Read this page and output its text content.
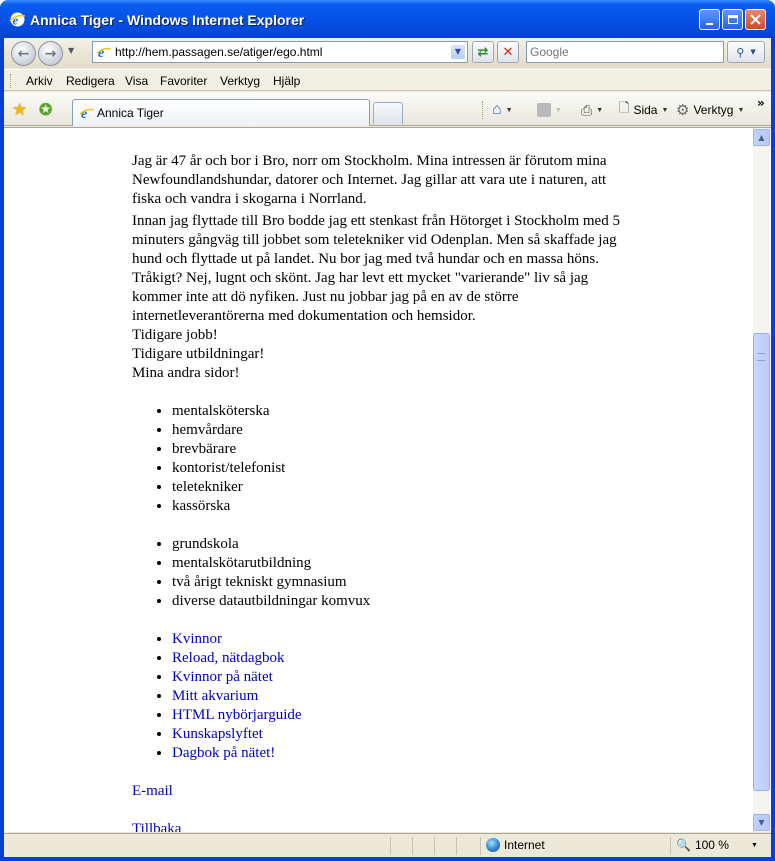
e Annica Tiger - Windows Internet Explorer
← → ▼ e http://hem.passagen.se/atiger/ego.html	▼	⇄ ✕
Google	⚲ ▼
Arkiv Redigera Visa Favoriter Verktyg Hjälp
★ ✪ e Annica Tiger	⌂ ▼	▼ ⎙ ▼ 🗋 Sida ▼ ⚙ Verktyg ▼ »

Jag är 47 år och bor i Bro, norr om Stockholm. Mina intressen är förutom mina
Newfoundlandshundar, datorer och Internet. Jag gillar att vara ute i naturen, att
fiska och vandra i skogarna i Norrland.

Innan jag flyttade till Bro bodde jag ett stenkast från Hötorget i Stockholm med 5
minuters gångväg till jobbet som teletekniker vid Odenplan. Men så skaffade jag
hund och flyttade ut på landet. Nu bor jag med två hundar och en massa höns.
Tråkigt? Nej, lugnt och skönt. Jag har levt ett mycket "varierande" liv så jag
kommer inte att dö nyfiken. Just nu jobbar jag på en av de större
internetleverantörerna med dokumentation och hemsidor.

Tidigare jobb!
Tidigare utbildningar!
Mina andra sidor!
• mentalsköterska
• hemvårdare
• brevbärare
• kontorist/telefonist
• teletekniker
• kassörska
• grundskola
• mentalskötarutbildning
• två årigt tekniskt gymnasium
• diverse datautbildningar komvux
• Kvinnor
• Reload, nätdagbok
• Kvinnor på nätet
• Mitt akvarium
• HTML nybörjarguide
• Kunskapslyftet
• Dagbok på nätet!
E-mail
Tillbaka
▲
▼
Internet	🔍 100 %	▼
